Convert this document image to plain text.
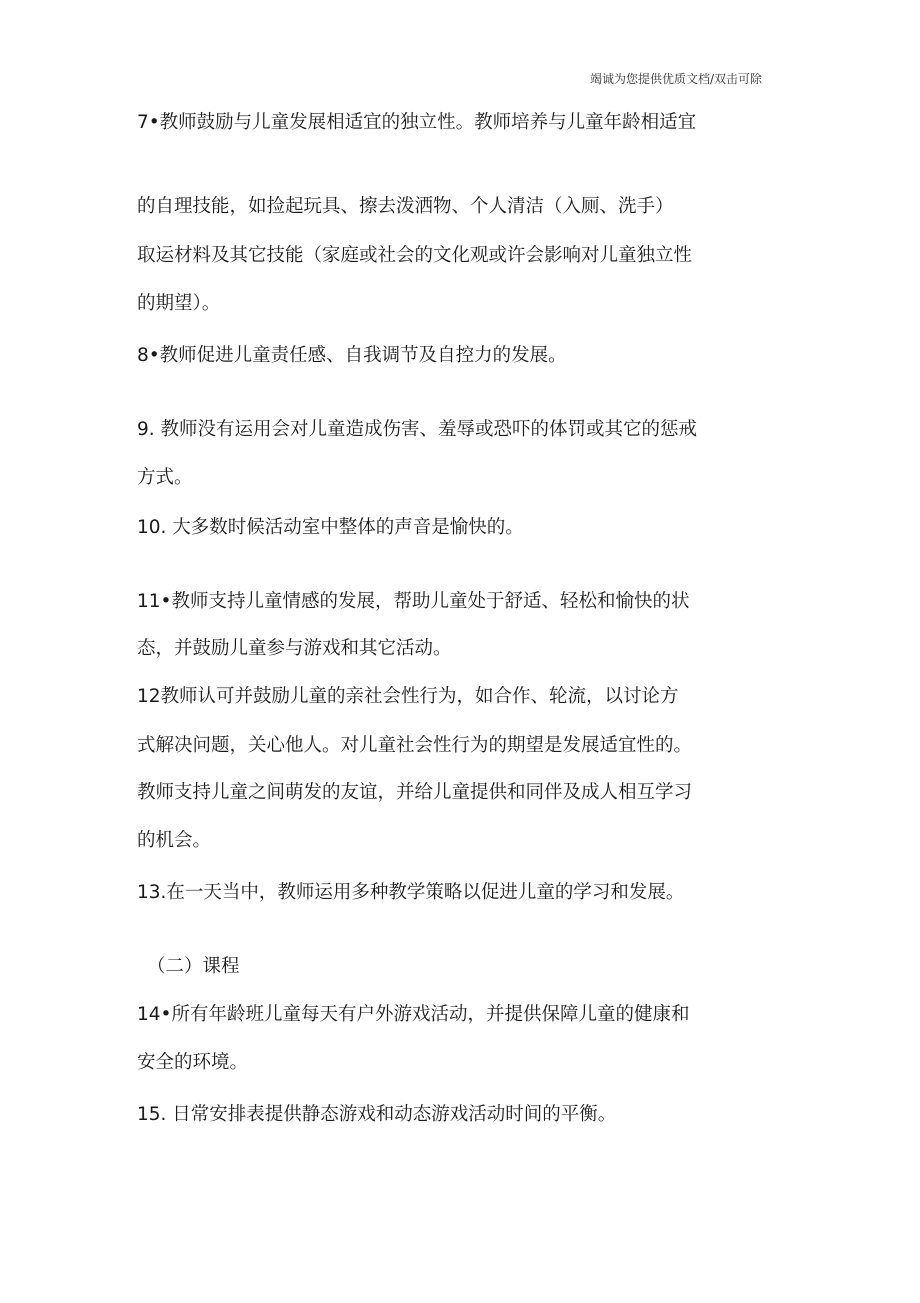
竭诚为您提供优质文档/双击可除
7•教师鼓励与儿童发展相适宜的独立性。教师培养与儿童年龄相适宜
的自理技能，如捡起玩具、擦去泼洒物、个人清洁（入厕、洗手）
取运材料及其它技能（家庭或社会的文化观或许会影响对儿童独立性
的期望）。
8•教师促进儿童责任感、自我调节及自控力的发展。
9. 教师没有运用会对儿童造成伤害、羞辱或恐吓的体罚或其它的惩戒
方式。
10. 大多数时候活动室中整体的声音是愉快的。
11•教师支持儿童情感的发展，帮助儿童处于舒适、轻松和愉快的状
态，并鼓励儿童参与游戏和其它活动。
12教师认可并鼓励儿童的亲社会性行为，如合作、轮流，以讨论方
式解决问题，关心他人。对儿童社会性行为的期望是发展适宜性的。
教师支持儿童之间萌发的友谊，并给儿童提供和同伴及成人相互学习
的机会。
13.在一天当中，教师运用多种教学策略以促进儿童的学习和发展。
（二）课程
14•所有年龄班儿童每天有户外游戏活动，并提供保障儿童的健康和
安全的环境。
15. 日常安排表提供静态游戏和动态游戏活动时间的平衡。
